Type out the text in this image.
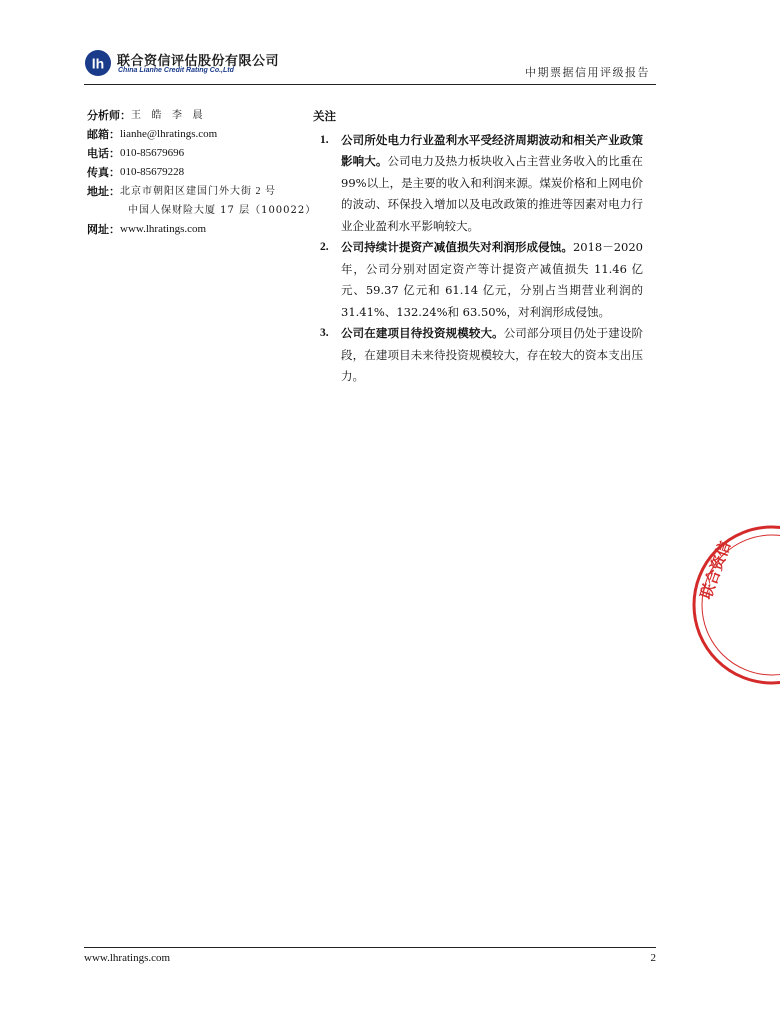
lh 联合资信评估股份有限公司
China Lianhe Credit Rating Co.,Ltd	中期票据信用评级报告
分析师： 王 皓 李 晨
邮箱： lianhe@lhratings.com
电话： 010-85679696
传真： 010-85679228
地址： 北京市朝阳区建国门外大街 2 号
中国人保财险大厦 17 层（100022）
网址： www.lhratings.com
关注
1. 公司所处电力行业盈利水平受经济周期波动和相关产业政策影响大。公司电力及热力板块收入占主营业务收入的比重在 99%以上，是主要的收入和利润来源。煤炭价格和上网电价的波动、环保投入增加以及电改政策的推进等因素对电力行业企业盈利水平影响较大。
2. 公司持续计提资产减值损失对利润形成侵蚀。2018－2020 年，公司分别对固定资产等计提资产减值损失 11.46 亿元、59.37 亿元和 61.14 亿元，分别占当期营业利润的 31.41%、132.24%和 63.50%，对利润形成侵蚀。
3. 公司在建项目待投资规模较大。公司部分项目仍处于建设阶段，在建项目未来待投资规模较大，存在较大的资本支出压力。
联合资信
www.lhratings.com	2
